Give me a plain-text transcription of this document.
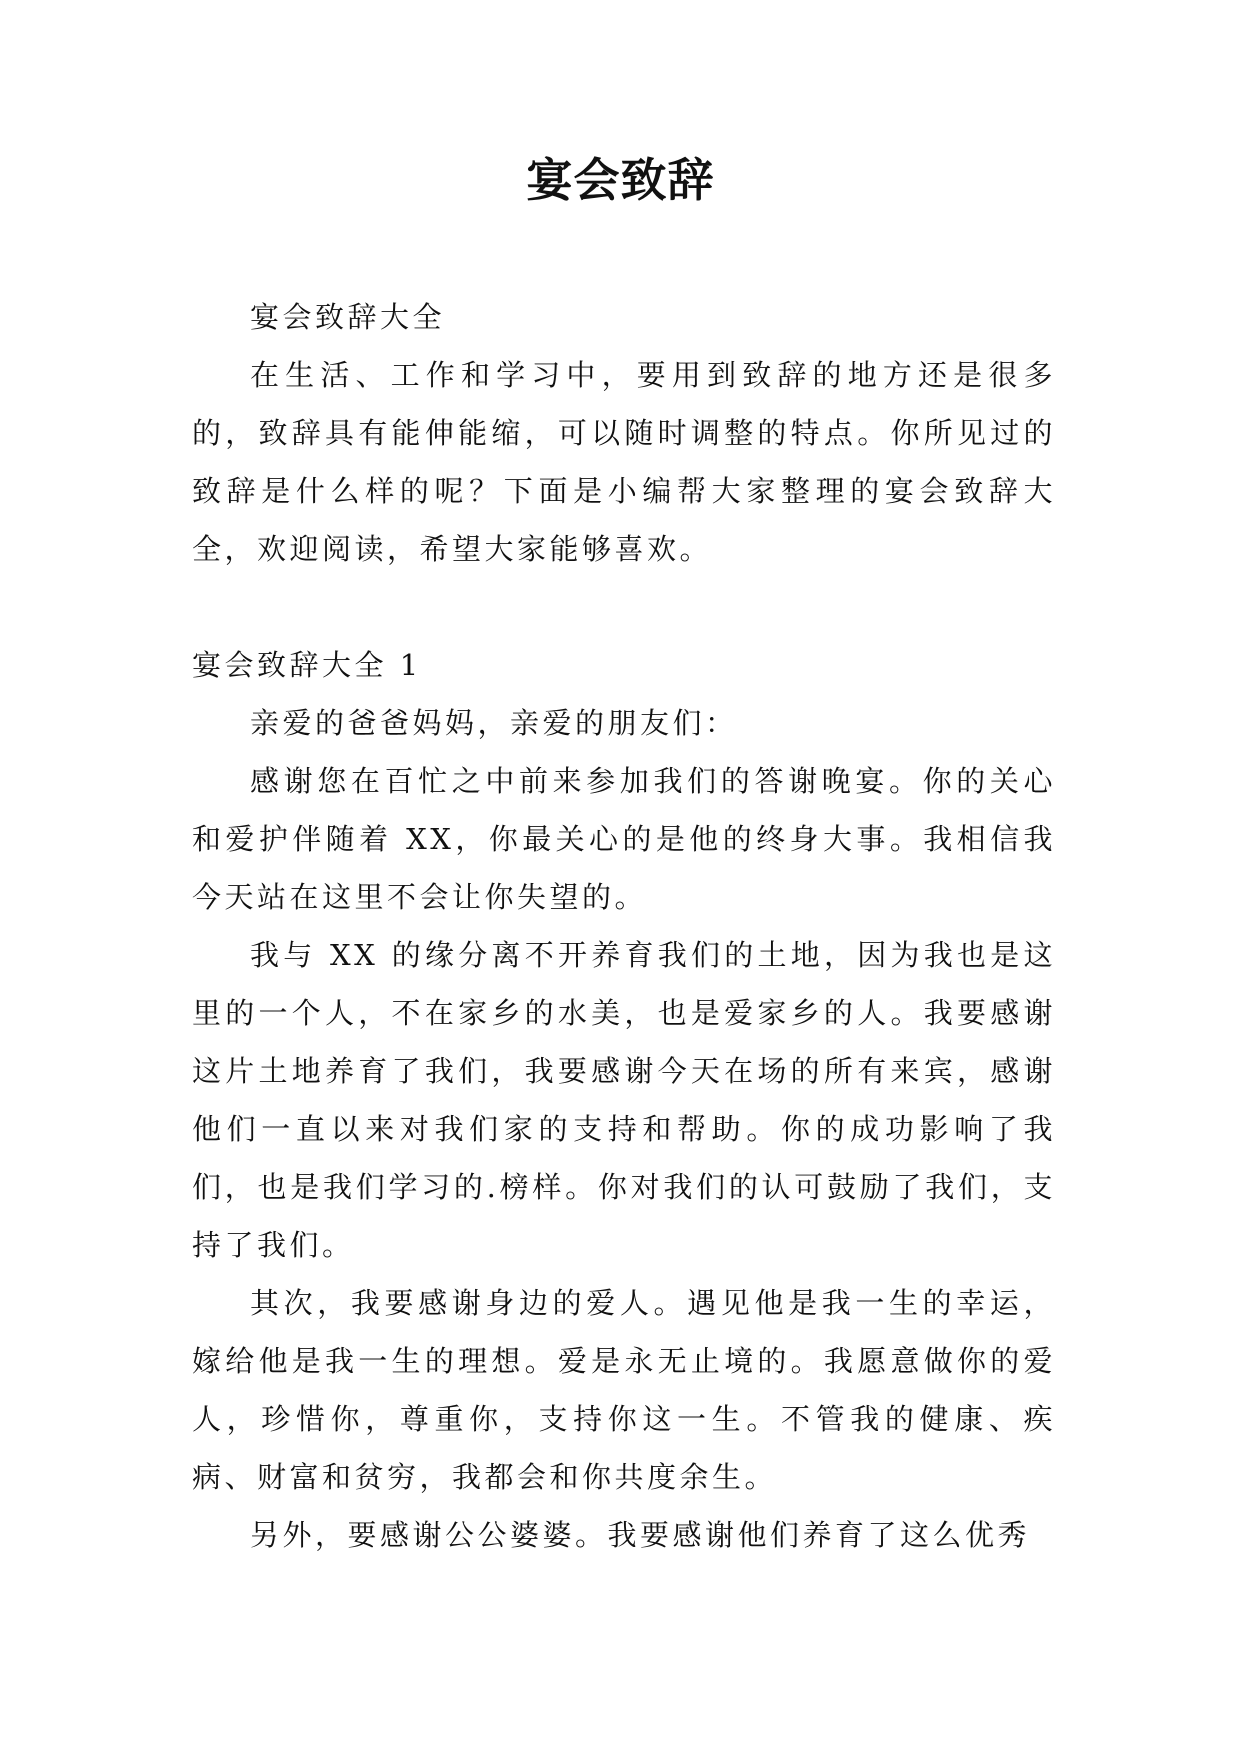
宴会致辞

宴会致辞大全

在生活、工作和学习中，要用到致辞的地方还是很多的，致辞具有能伸能缩，可以随时调整的特点。你所见过的致辞是什么样的呢？下面是小编帮大家整理的宴会致辞大全，欢迎阅读，希望大家能够喜欢。

宴会致辞大全 1

亲爱的爸爸妈妈，亲爱的朋友们：

感谢您在百忙之中前来参加我们的答谢晚宴。你的关心和爱护伴随着 XX，你最关心的是他的终身大事。我相信我今天站在这里不会让你失望的。

我与 XX 的缘分离不开养育我们的土地，因为我也是这里的一个人，不在家乡的水美，也是爱家乡的人。我要感谢这片土地养育了我们，我要感谢今天在场的所有来宾，感谢他们一直以来对我们家的支持和帮助。你的成功影响了我们，也是我们学习的.榜样。你对我们的认可鼓励了我们，支持了我们。

其次，我要感谢身边的爱人。遇见他是我一生的幸运，嫁给他是我一生的理想。爱是永无止境的。我愿意做你的爱人，珍惜你，尊重你，支持你这一生。不管我的健康、疾病、财富和贫穷，我都会和你共度余生。

另外，要感谢公公婆婆。我要感谢他们养育了这么优秀
